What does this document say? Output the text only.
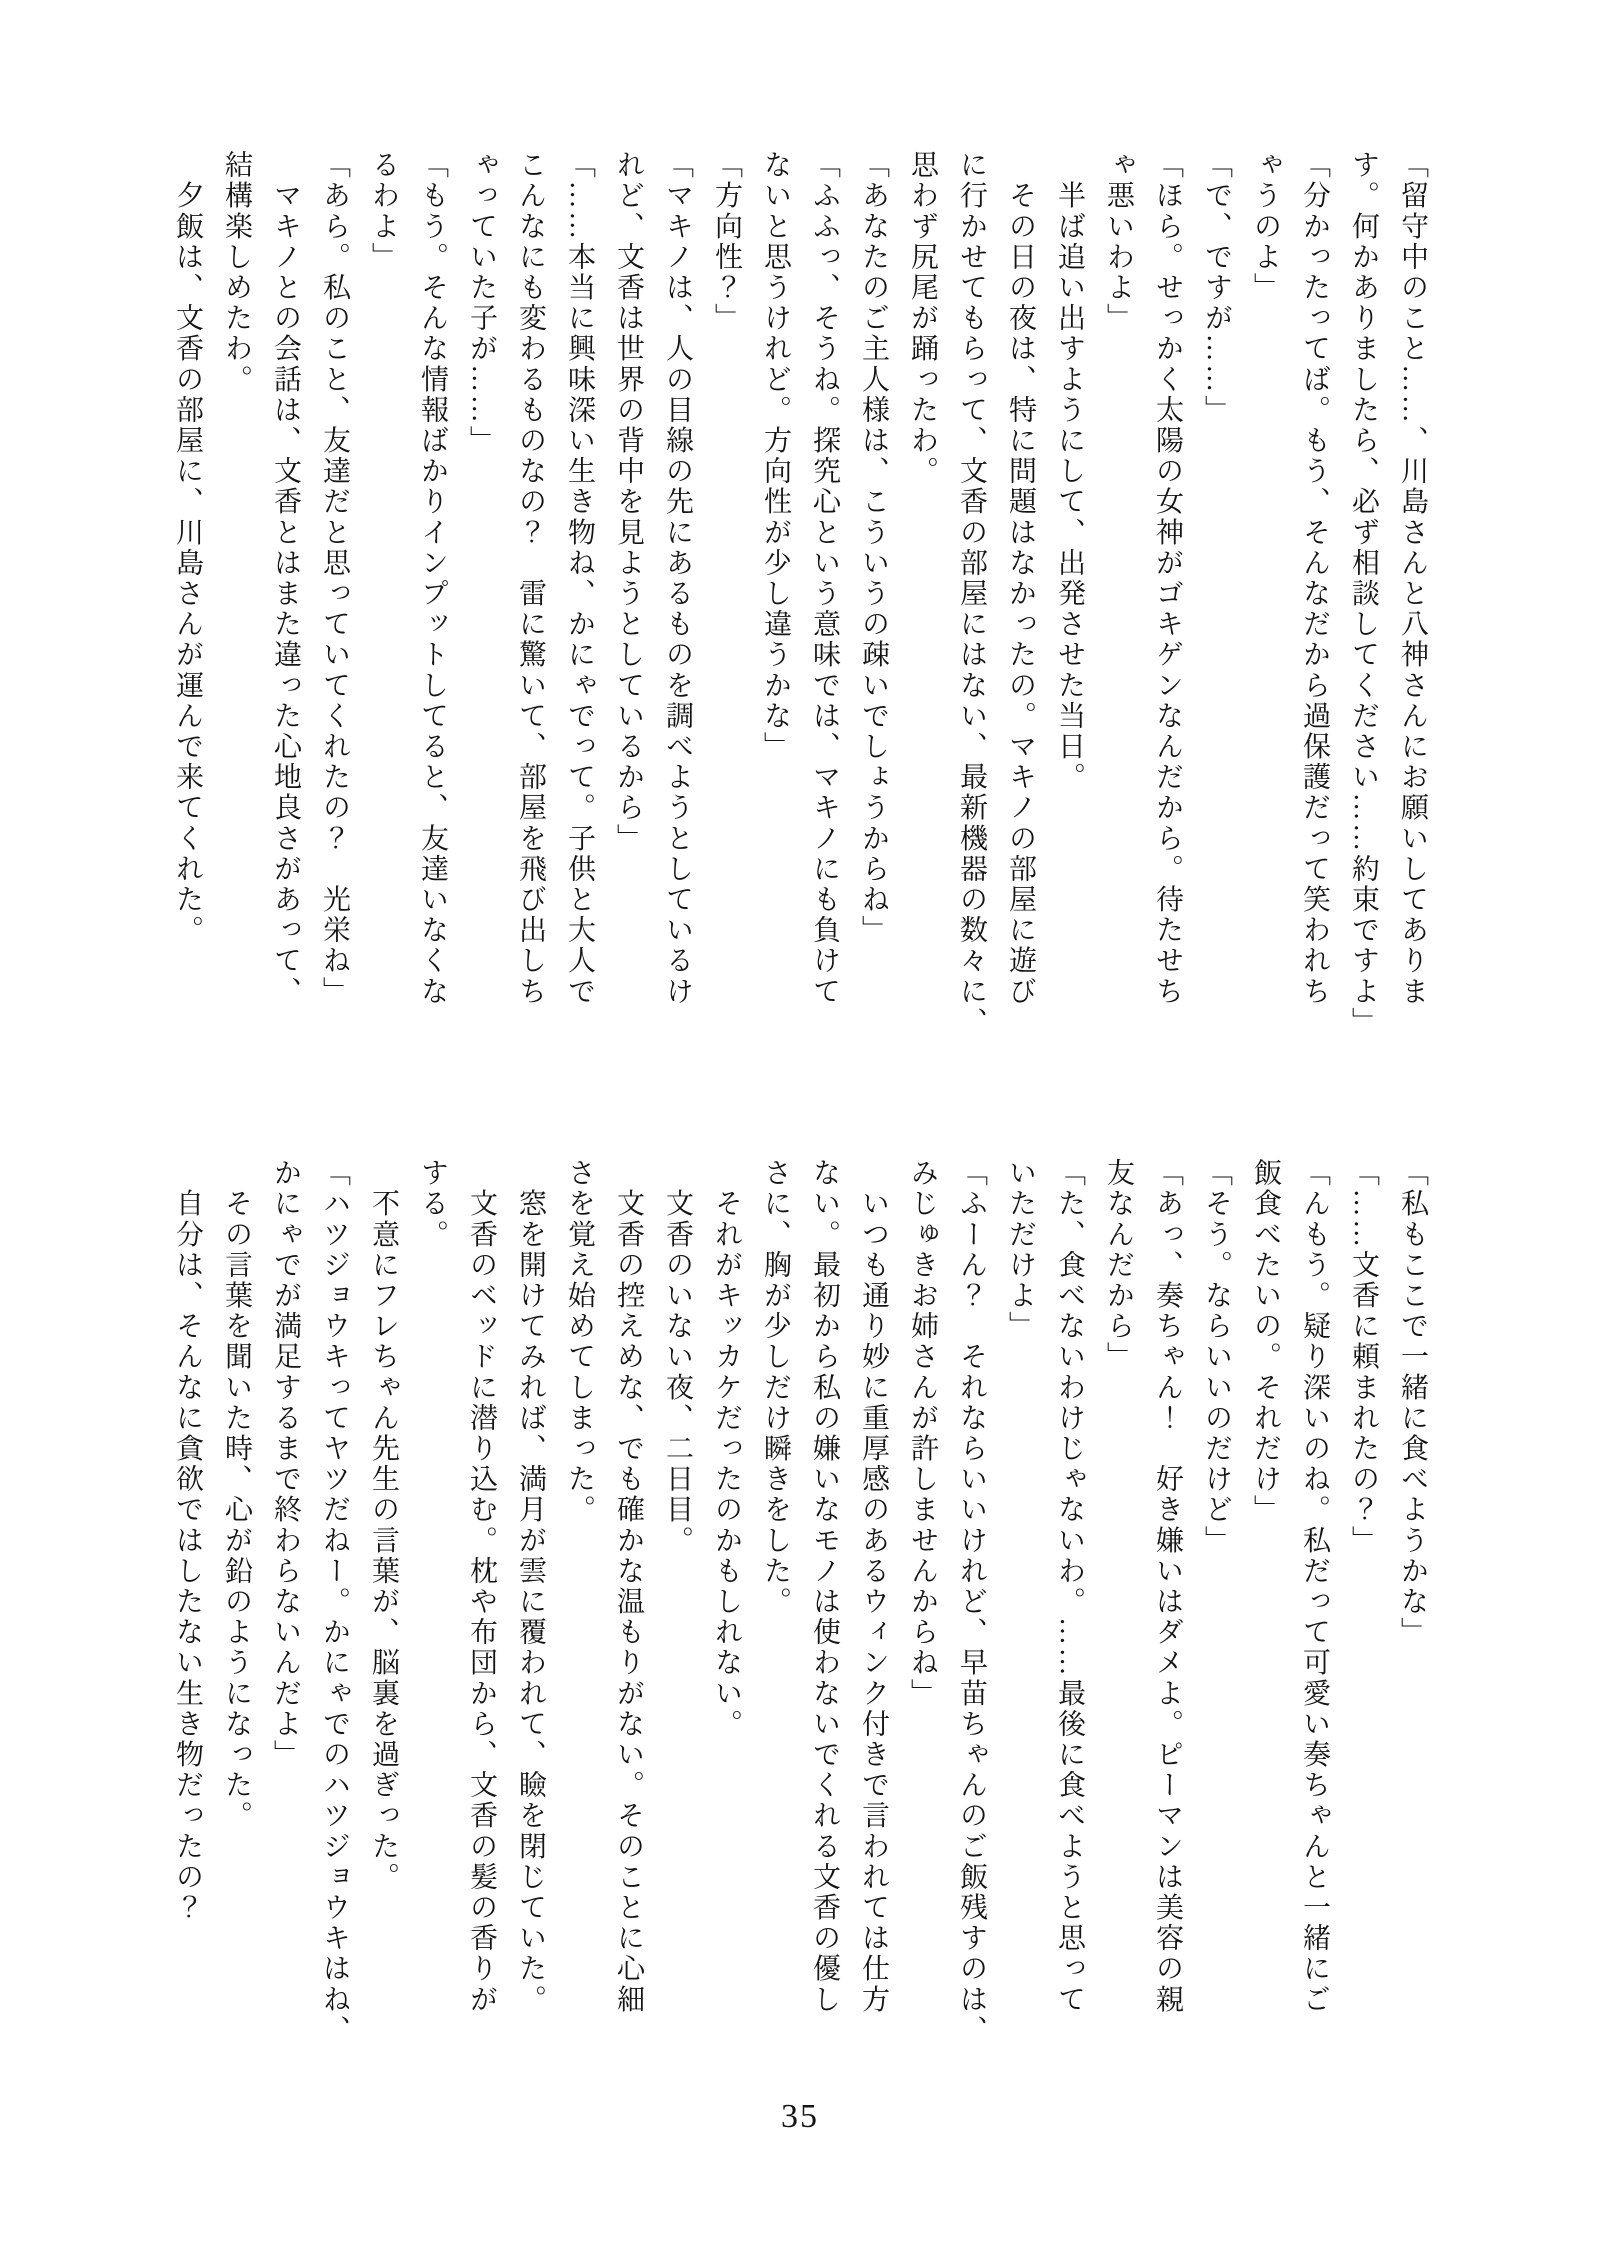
「留守中のこと……、川島さんと八神さんにお願いしてありま

す。何かありましたら、必ず相談してください……約束ですよ」

「分かったってば。もう、そんなだから過保護だって笑われち

ゃうのよ」

「で、ですが……」

「ほら。せっかく太陽の女神がゴキゲンなんだから。待たせち

ゃ悪いわよ」

　半ば追い出すようにして、出発させた当日。

　その日の夜は、特に問題はなかったの。マキノの部屋に遊び

に行かせてもらって、文香の部屋にはない、最新機器の数々に、

思わず尻尾が踊ったわ。

「あなたのご主人様は、こういうの疎いでしょうからね」

「ふふっ、そうね。探究心という意味では、マキノにも負けて

ないと思うけれど。方向性が少し違うかな」

「方向性？」

「マキノは、人の目線の先にあるものを調べようとしているけ

れど、文香は世界の背中を見ようとしているから」

「……本当に興味深い生き物ね、かにゃでって。子供と大人で

こんなにも変わるものなの？　雷に驚いて、部屋を飛び出しち

ゃっていた子が……」

「もう。そんな情報ばかりインプットしてると、友達いなくな

るわよ」

「あら。私のこと、友達だと思っていてくれたの？　光栄ね」

　マキノとの会話は、文香とはまた違った心地良さがあって、

結構楽しめたわ。

　夕飯は、文香の部屋に、川島さんが運んで来てくれた。

「私もここで一緒に食べようかな」

「……文香に頼まれたの？」

「んもう。疑り深いのね。私だって可愛い奏ちゃんと一緒にご

飯食べたいの。それだけ」

「そう。ならいいのだけど」

「あっ、奏ちゃん！　好き嫌いはダメよ。ピーマンは美容の親

友なんだから」

「た、食べないわけじゃないわ。……最後に食べようと思って

いただけよ」

「ふーん？　それならいいけれど、早苗ちゃんのご飯残すのは、

みじゅきお姉さんが許しませんからね」

　いつも通り妙に重厚感のあるウィンク付きで言われては仕方

ない。最初から私の嫌いなモノは使わないでくれる文香の優し

さに、胸が少しだけ瞬きをした。

　それがキッカケだったのかもしれない。

　文香のいない夜、二日目。

　文香の控えめな、でも確かな温もりがない。そのことに心細

さを覚え始めてしまった。

　窓を開けてみれば、満月が雲に覆われて、瞼を閉じていた。

　文香のベッドに潜り込む。枕や布団から、文香の髪の香りが

する。

　不意にフレちゃん先生の言葉が、脳裏を過ぎった。

「ハツジョウキってヤツだねー。かにゃでのハツジョウキはね、

かにゃでが満足するまで終わらないんだよ」

　その言葉を聞いた時、心が鉛のようになった。

　自分は、そんなに貪欲ではしたない生き物だったの？

35
